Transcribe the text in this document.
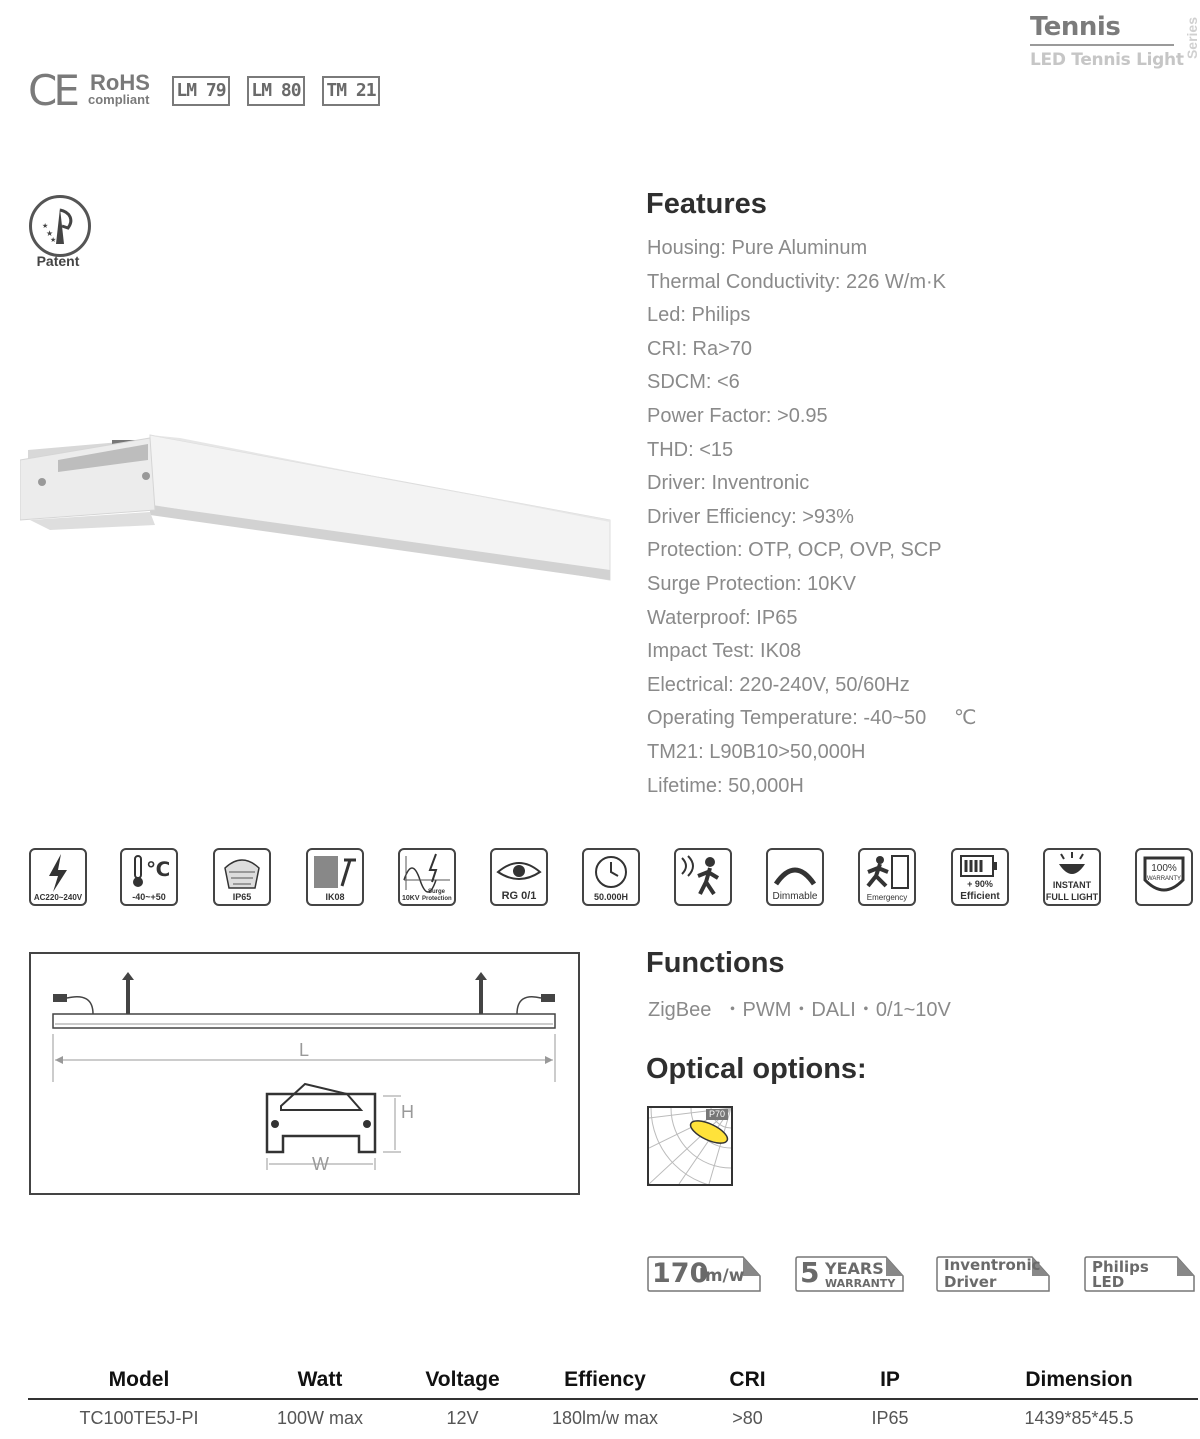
Tennis
LED Tennis Light
Series
CE RoHS
compliant LM 79 LM 80 TM 21
★
★
★
Patent
Features
Housing: Pure Aluminum
Thermal Conductivity: 226 W/m·K
Led: Philips
CRI: Ra>70
SDCM: <6
Power Factor: >0.95
THD: <15
Driver: Inventronic
Driver Efficiency: >93%
Protection: OTP, OCP, OVP, SCP
Surge Protection: 10KV
Waterproof: IP65
Impact Test: IK08
Electrical: 220-240V, 50/60Hz
Operating Temperature: -40~50     ℃
TM21: L90B10>50,000H
Lifetime: 50,000H
AC220~240V
℃
-40~+50	IP65	IK08	10KV
Surge
Protection	RG 0/1	50.000H	Dimmable	Emergency
+ 90%
Efficient
INSTANT
FULL LIGHT
100%
WARRANTY
L
H
W
Functions
ZigBee  ・PWM・DALI・0/1~10V
Optical options:
P70
170
lm/w 5 YEARS
WARRANTY
Inventronic
Driver
Philips
LED
Model	Watt	Voltage	Effiency	CRI	IP	Dimension
TC100TE5J-PI	100W max	12V	180lm/w max	>80	IP65	1439*85*45.5
